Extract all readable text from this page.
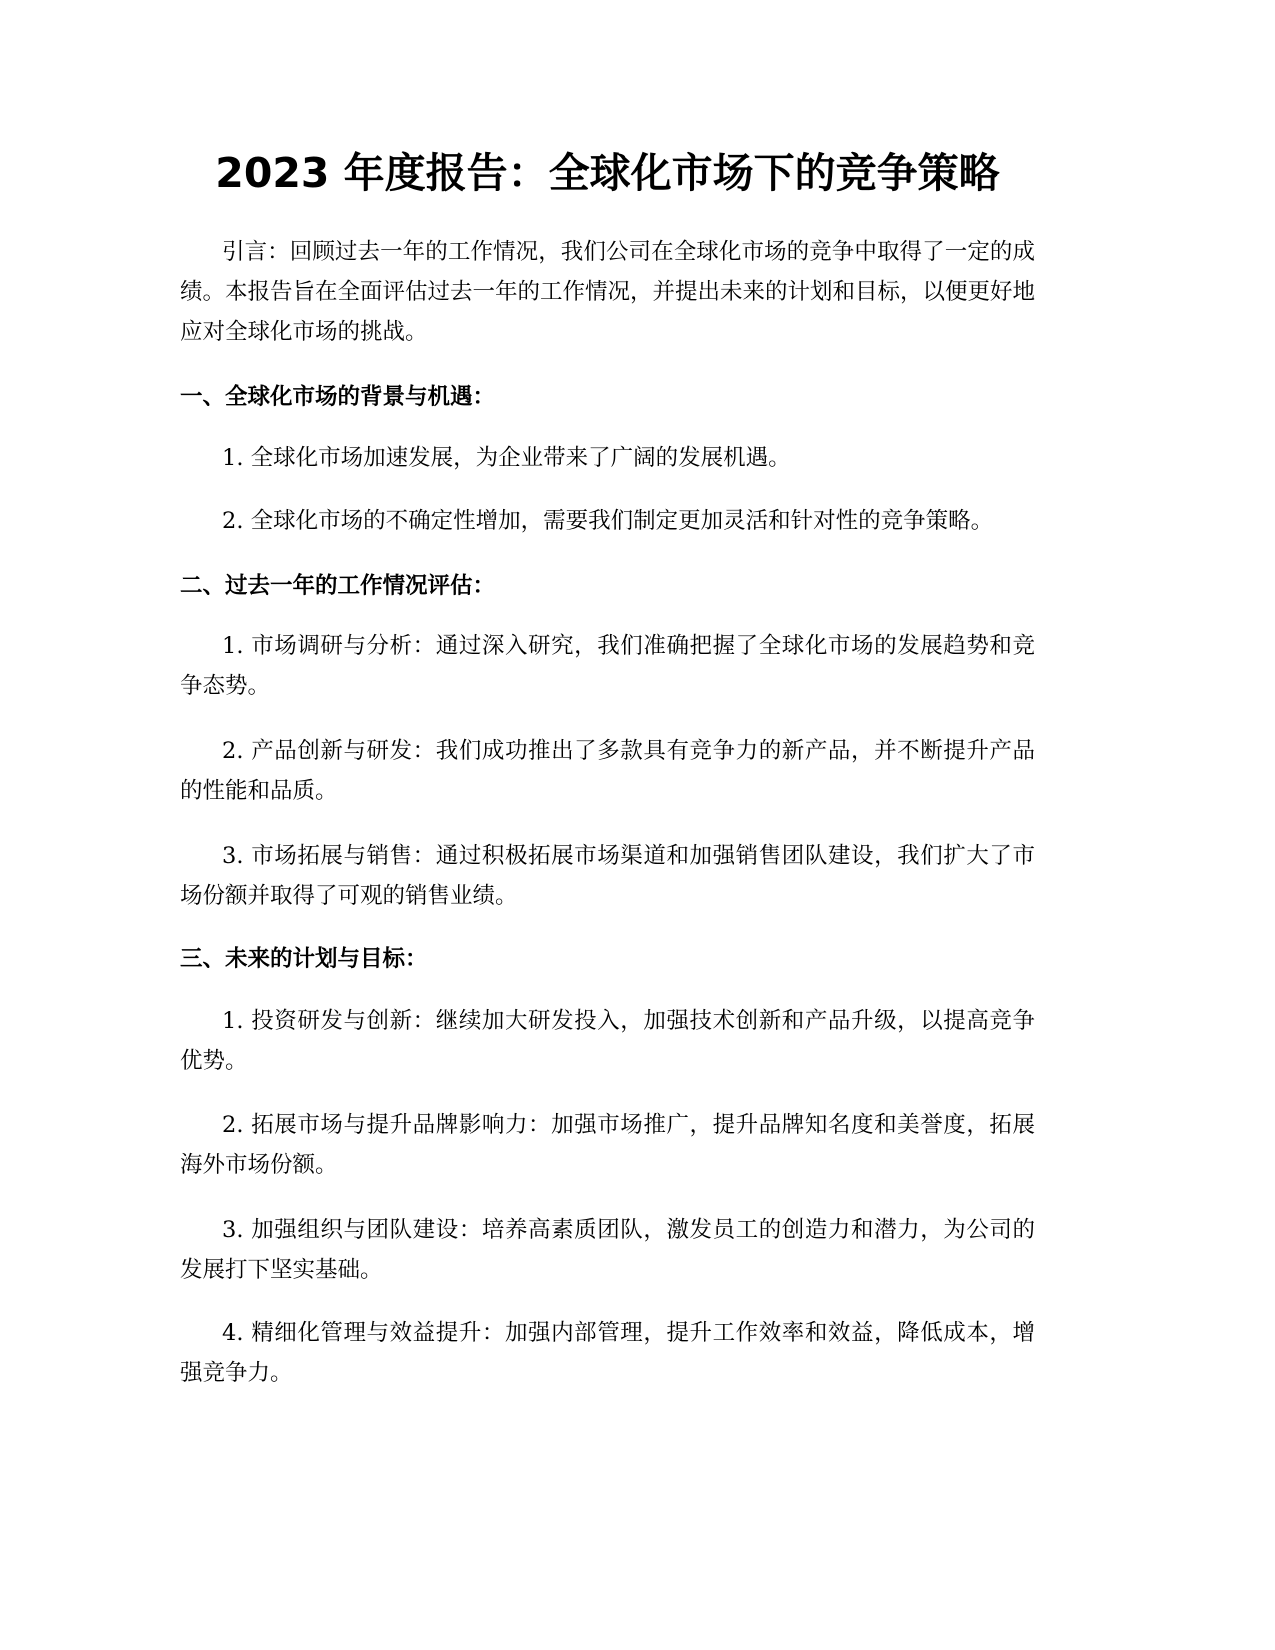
2023 年度报告：全球化市场下的竞争策略

引言：回顾过去一年的工作情况，我们公司在全球化市场的竞争中取得了一定的成绩。本报告旨在全面评估过去一年的工作情况，并提出未来的计划和目标，以便更好地应对全球化市场的挑战。

一、全球化市场的背景与机遇：

1. 全球化市场加速发展，为企业带来了广阔的发展机遇。

2. 全球化市场的不确定性增加，需要我们制定更加灵活和针对性的竞争策略。

二、过去一年的工作情况评估：

1. 市场调研与分析：通过深入研究，我们准确把握了全球化市场的发展趋势和竞争态势。

2. 产品创新与研发：我们成功推出了多款具有竞争力的新产品，并不断提升产品的性能和品质。

3. 市场拓展与销售：通过积极拓展市场渠道和加强销售团队建设，我们扩大了市场份额并取得了可观的销售业绩。

三、未来的计划与目标：

1. 投资研发与创新：继续加大研发投入，加强技术创新和产品升级，以提高竞争优势。

2. 拓展市场与提升品牌影响力：加强市场推广，提升品牌知名度和美誉度，拓展海外市场份额。

3. 加强组织与团队建设：培养高素质团队，激发员工的创造力和潜力，为公司的发展打下坚实基础。

4. 精细化管理与效益提升：加强内部管理，提升工作效率和效益，降低成本，增强竞争力。
